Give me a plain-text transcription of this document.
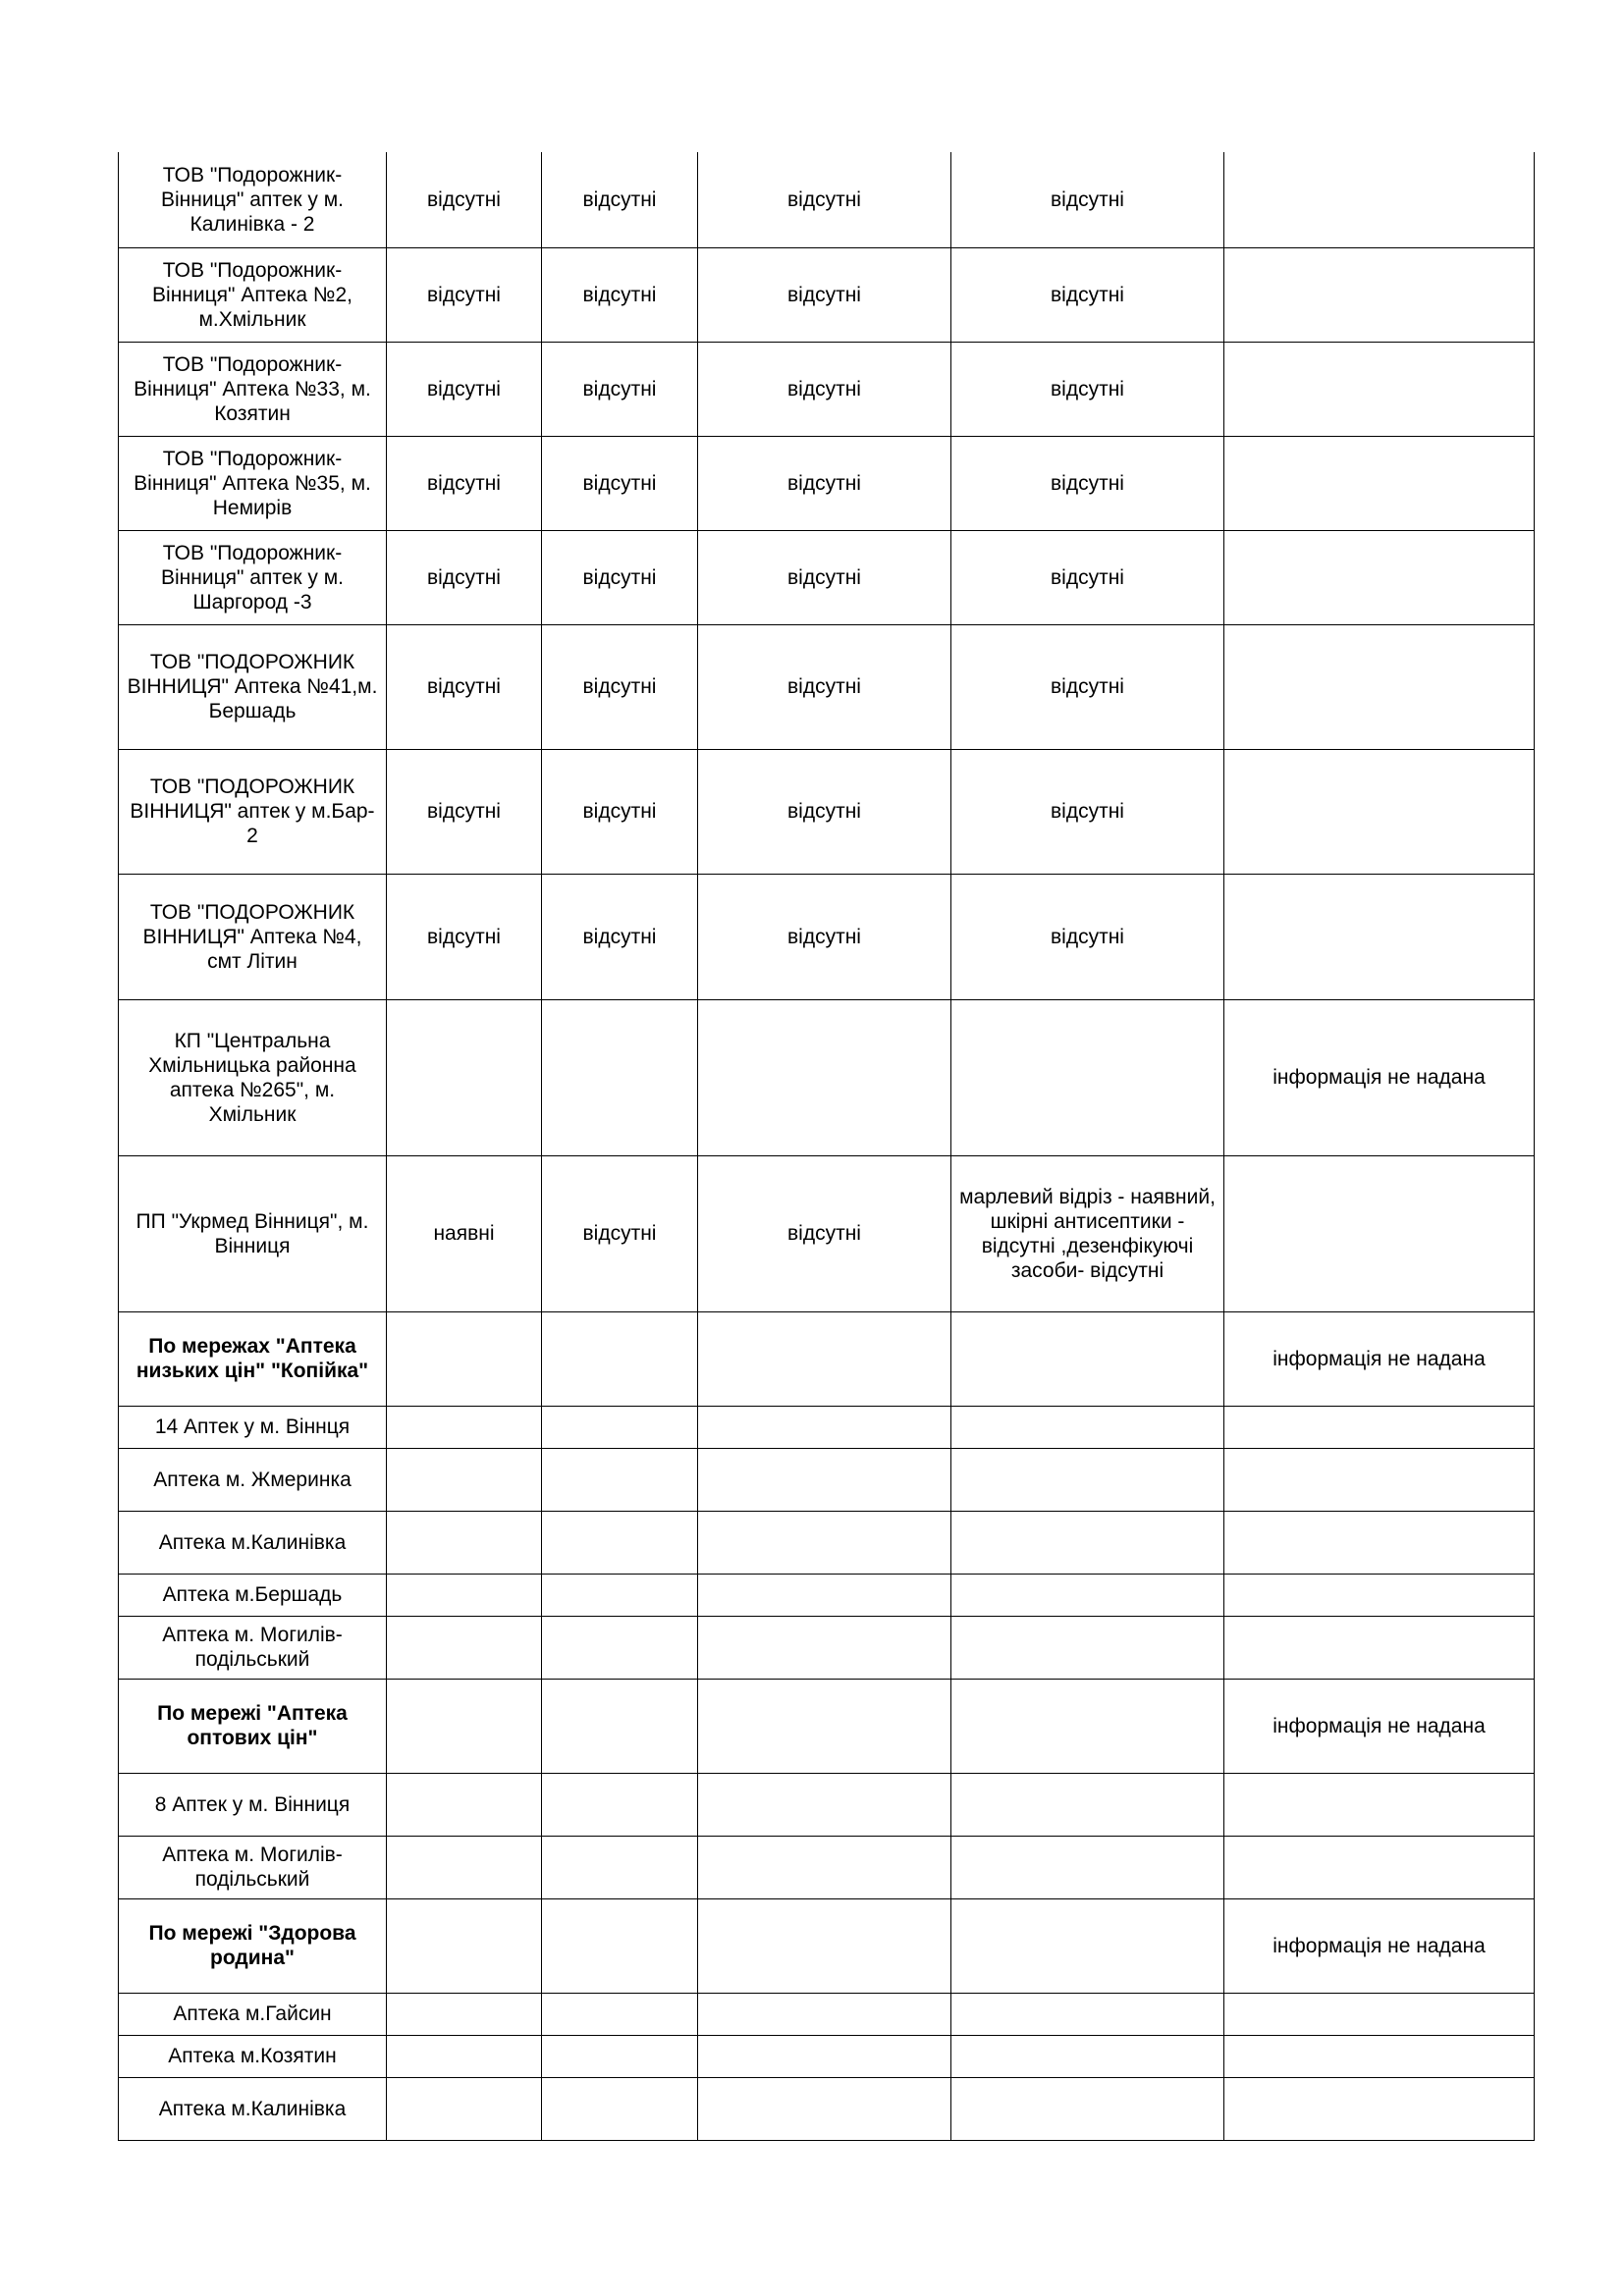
ТОВ "Подорожник-Вінниця" аптек у м. Калинівка - 2	відсутні	відсутні	відсутні	відсутні	
ТОВ "Подорожник-Вінниця" Аптека №2, м.Хмільник	відсутні	відсутні	відсутні	відсутні	
ТОВ "Подорожник-Вінниця" Аптека №33, м. Козятин	відсутні	відсутні	відсутні	відсутні	
ТОВ "Подорожник-Вінниця" Аптека №35, м. Немирів	відсутні	відсутні	відсутні	відсутні	
ТОВ "Подорожник-Вінниця" аптек у м. Шаргород -3	відсутні	відсутні	відсутні	відсутні	
ТОВ "ПОДОРОЖНИК ВІННИЦЯ" Аптека №41,м. Бершадь	відсутні	відсутні	відсутні	відсутні	
ТОВ "ПОДОРОЖНИК ВІННИЦЯ" аптек у м.Бар- 2	відсутні	відсутні	відсутні	відсутні	
ТОВ "ПОДОРОЖНИК ВІННИЦЯ" Аптека №4, смт Літин	відсутні	відсутні	відсутні	відсутні	
КП "Центральна Хмільницька районна аптека №265", м. Хмільник					інформація не надана
ПП "Укрмед Вінниця", м. Вінниця	наявні	відсутні	відсутні	марлевий відріз - наявний, шкірні антисептики - відсутні ,дезенфікуючі засоби- відсутні	
По мережах "Аптека низьких цін" "Копійка"					інформація не надана
14 Аптек у м. Віннця					
Аптека м. Жмеринка					
Аптека м.Калинівка					
Аптека м.Бершадь					
Аптека м. Могилів-подільський					
По мережі "Аптека оптових цін"					інформація не надана
8 Аптек у м. Вінниця					
Аптека м. Могилів-подільський					
По мережі "Здорова родина"					інформація не надана
Аптека м.Гайсин					
Аптека м.Козятин					
Аптека м.Калинівка					
